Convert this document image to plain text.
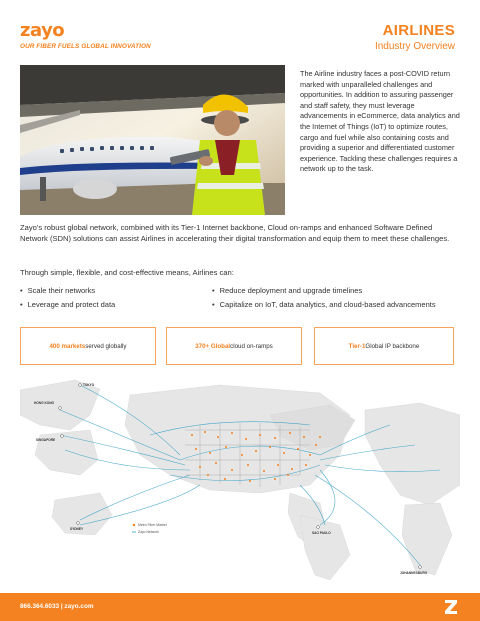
zayo
OUR FIBER FUELS GLOBAL INNOVATION
AIRLINES
Industry Overview
The Airline industry faces a post-COVID return marked with unparalleled challenges and opportunities. In addition to assuring passenger and staff safety, they must leverage advancements in eCommerce, data analytics and the Internet of Things (IoT) to optimize routes, cargo and fuel while also containing costs and providing a superior and differentiated customer experience. Tackling these challenges requires a network up to the task.

Zayo's robust global network, combined with its Tier-1 Internet backbone, Cloud on-ramps and enhanced Software Defined Network (SDN) solutions can assist Airlines in accelerating their digital transformation and equip them to meet these challenges.

Through simple, flexible, and cost-effective means, Airlines can:

• Scale their networks
• Leverage and protect data
• Reduce deployment and upgrade timelines
• Capitalize on IoT, data analytics, and cloud-based advancements
400 markets served globally	370+ Global cloud on-ramps	Tier-1 Global IP backbone
TOKYO
HONG KONG
SINGAPORE
SYDNEY
SAO PAULO
JOHANNESBURG
Metro Fiber Market
Zayo Network
866.364.6033 | zayo.com
